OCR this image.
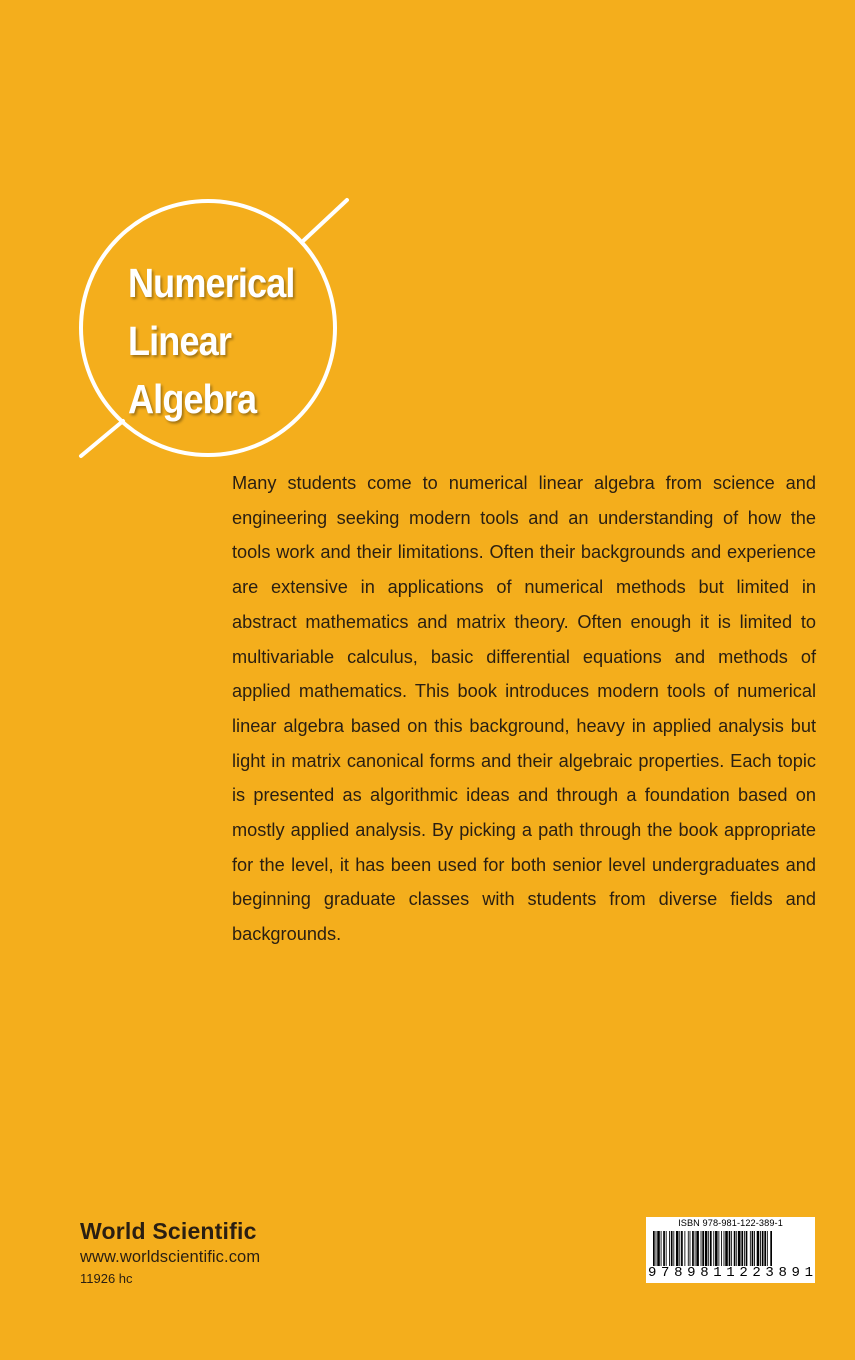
Numerical
Linear
Algebra

Many students come to numerical linear algebra from science and engineering seeking modern tools and an understanding of how the tools work and their limitations. Often their backgrounds and experience are extensive in applications of numerical methods but limited in abstract mathematics and matrix theory. Often enough it is limited to multivariable calculus, basic differential equations and methods of applied mathematics. This book introduces modern tools of numerical linear algebra based on this background, heavy in applied analysis but light in matrix canonical forms and their algebraic properties. Each topic is presented as algorithmic ideas and through a foundation based on mostly applied analysis. By picking a path through the book appropriate for the level, it has been used for both senior level undergraduates and beginning graduate classes with students from diverse fields and backgrounds.

World Scientific
www.worldscientific.com
11926 hc
ISBN 978-981-122-389-1
9 7 8 9 8 1 1 2 2 3 8 9 1
